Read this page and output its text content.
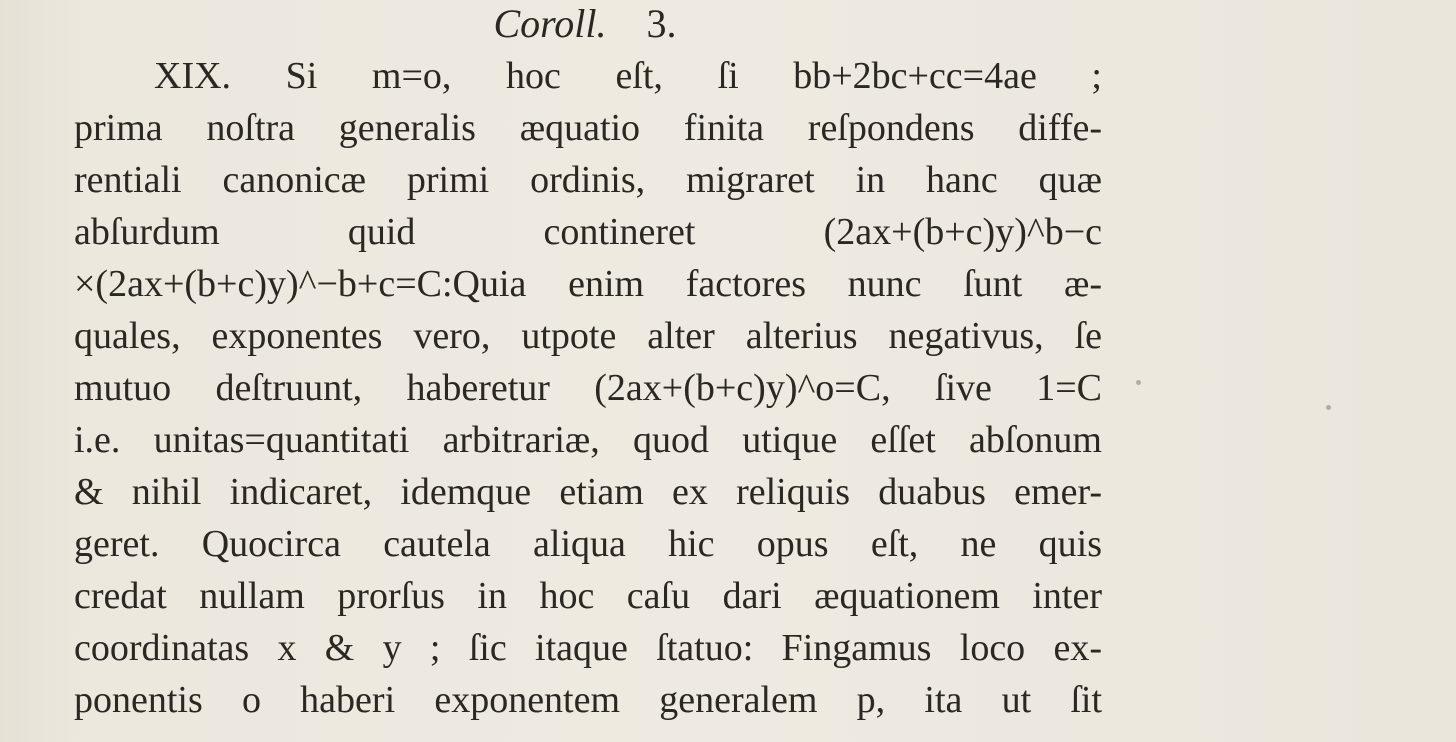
Coroll. 3.
XIX. Si m=o, hoc eſt, ſi bb+2bc+cc=4ae ;
prima noſtra generalis æquatio finita reſpondens diffe-
rentiali canonicæ primi ordinis, migraret in hanc quæ
abſurdum quid contineret (2ax+(b+c)y)^b−c
×(2ax+(b+c)y)^−b+c=C:Quia enim factores nunc ſunt æ-
quales, exponentes vero, utpote alter alterius negativus, ſe
mutuo deſtruunt, haberetur (2ax+(b+c)y)^o=C, ſive 1=C
i.e. unitas=quantitati arbitrariæ, quod utique eſſet abſonum
& nihil indicaret, idemque etiam ex reliquis duabus emer-
geret. Quocirca cautela aliqua hic opus eſt, ne quis
credat nullam prorſus in hoc caſu dari æquationem inter
coordinatas x & y ; ſic itaque ſtatuo: Fingamus loco ex-
ponentis o haberi exponentem generalem p, ita ut ſit
